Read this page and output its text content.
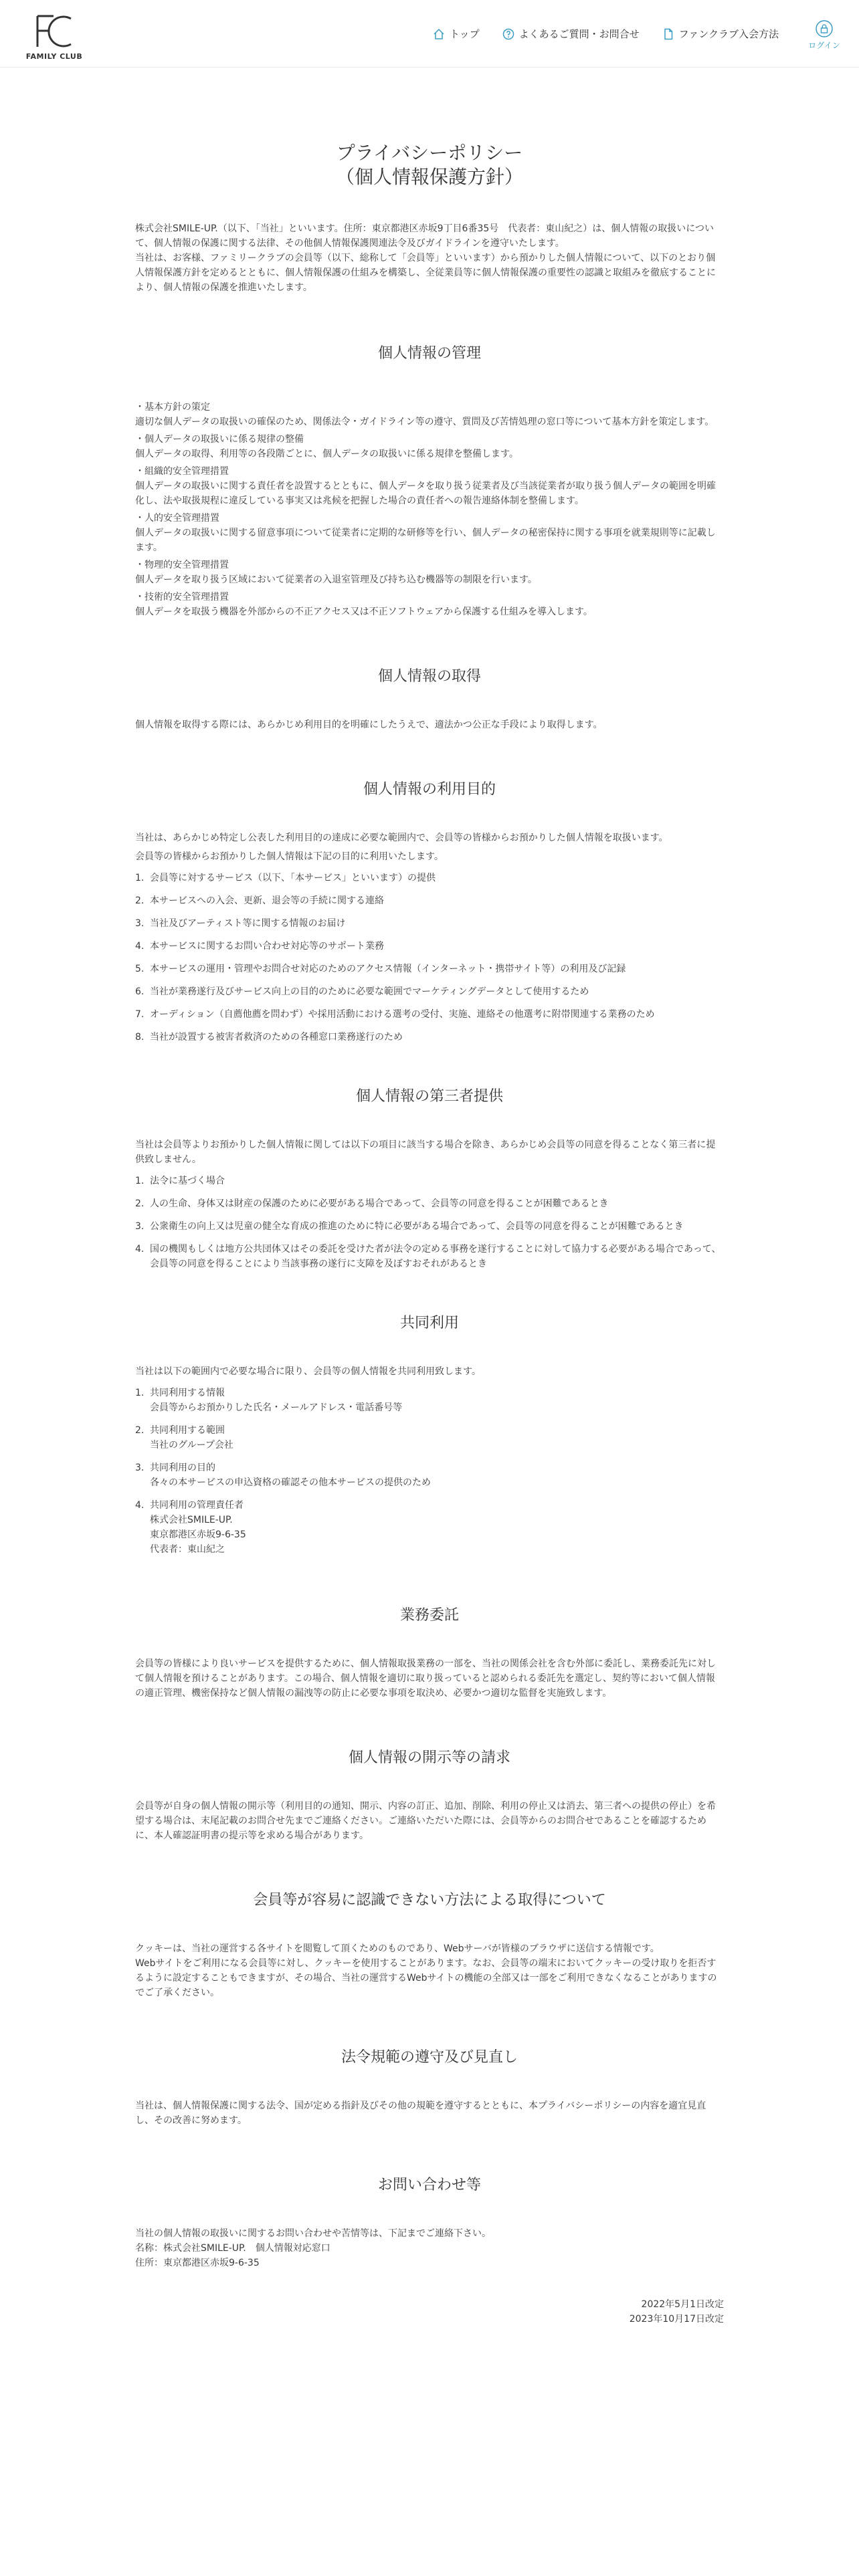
FAMILY CLUB
トップ	よくあるご質問・お問合せ	ファンクラブ入会方法
ログイン
プライバシーポリシー
（個人情報保護方針）

株式会社SMILE-UP.（以下、「当社」といいます。住所：東京都港区赤坂9丁目6番35号　代表者：東山紀之）は、個人情報の取扱いについて、個人情報の保護に関する法律、その他個人情報保護関連法令及びガイドラインを遵守いたします。

当社は、お客様、ファミリークラブの会員等（以下、総称して「会員等」といいます）から預かりした個人情報について、以下のとおり個人情報保護方針を定めるとともに、個人情報保護の仕組みを構築し、全従業員等に個人情報保護の重要性の認識と取組みを徹底することにより、個人情報の保護を推進いたします。

個人情報の管理

・基本方針の策定

適切な個人データの取扱いの確保のため、関係法令・ガイドライン等の遵守、質問及び苦情処理の窓口等について基本方針を策定します。

・個人データの取扱いに係る規律の整備

個人データの取得、利用等の各段階ごとに、個人データの取扱いに係る規律を整備します。

・組織的安全管理措置

個人データの取扱いに関する責任者を設置するとともに、個人データを取り扱う従業者及び当該従業者が取り扱う個人データの範囲を明確化し、法や取扱規程に違反している事実又は兆候を把握した場合の責任者への報告連絡体制を整備します。

・人的安全管理措置

個人データの取扱いに関する留意事項について従業者に定期的な研修等を行い、個人データの秘密保持に関する事項を就業規則等に記載します。

・物理的安全管理措置

個人データを取り扱う区域において従業者の入退室管理及び持ち込む機器等の制限を行います。

・技術的安全管理措置

個人データを取扱う機器を外部からの不正アクセス又は不正ソフトウェアから保護する仕組みを導入します。

個人情報の取得

個人情報を取得する際には、あらかじめ利用目的を明確にしたうえで、適法かつ公正な手段により取得します。

個人情報の利用目的

当社は、あらかじめ特定し公表した利用目的の達成に必要な範囲内で、会員等の皆様からお預かりした個人情報を取扱います。

会員等の皆様からお預かりした個人情報は下記の目的に利用いたします。

1. 会員等に対するサービス（以下、「本サービス」といいます）の提供
2. 本サービスへの入会、更新、退会等の手続に関する連絡
3. 当社及びアーティスト等に関する情報のお届け
4. 本サービスに関するお問い合わせ対応等のサポート業務
5. 本サービスの運用・管理やお問合せ対応のためのアクセス情報（インターネット・携帯サイト等）の利用及び記録
6. 当社が業務遂行及びサービス向上の目的のために必要な範囲でマーケティングデータとして使用するため
7. オーディション（自薦他薦を問わず）や採用活動における選考の受付、実施、連絡その他選考に附帯関連する業務のため
8. 当社が設置する被害者救済のための各種窓口業務遂行のため
個人情報の第三者提供

当社は会員等よりお預かりした個人情報に関しては以下の項目に該当する場合を除き、あらかじめ会員等の同意を得ることなく第三者に提供致しません。

1. 法令に基づく場合
2. 人の生命、身体又は財産の保護のために必要がある場合であって、会員等の同意を得ることが困難であるとき
3. 公衆衛生の向上又は児童の健全な育成の推進のために特に必要がある場合であって、会員等の同意を得ることが困難であるとき
4. 国の機関もしくは地方公共団体又はその委託を受けた者が法令の定める事務を遂行することに対して協力する必要がある場合であって、会員等の同意を得ることにより当該事務の遂行に支障を及ぼすおそれがあるとき
共同利用

当社は以下の範囲内で必要な場合に限り、会員等の個人情報を共同利用致します。

1. 共同利用する情報
会員等からお預かりした氏名・メールアドレス・電話番号等
2. 共同利用する範囲
当社のグループ会社
3. 共同利用の目的
各々の本サービスの申込資格の確認その他本サービスの提供のため
4. 共同利用の管理責任者
株式会社SMILE-UP.
東京都港区赤坂9-6-35
代表者：東山紀之
業務委託

会員等の皆様により良いサービスを提供するために、個人情報取扱業務の一部を、当社の関係会社を含む外部に委託し、業務委託先に対して個人情報を預けることがあります。この場合、個人情報を適切に取り扱っていると認められる委託先を選定し、契約等において個人情報の適正管理、機密保持など個人情報の漏洩等の防止に必要な事項を取決め、必要かつ適切な監督を実施致します。

個人情報の開示等の請求

会員等が自身の個人情報の開示等（利用目的の通知、開示、内容の訂正、追加、削除、利用の停止又は消去、第三者への提供の停止）を希望する場合は、末尾記載のお問合せ先までご連絡ください。ご連絡いただいた際には、会員等からのお問合せであることを確認するために、本人確認証明書の提示等を求める場合があります。

会員等が容易に認識できない方法による取得について

クッキーは、当社の運営する各サイトを閲覧して頂くためのものであり、Webサーバが皆様のブラウザに送信する情報です。

Webサイトをご利用になる会員等に対し、クッキーを使用することがあります。なお、会員等の端末においてクッキーの受け取りを拒否するように設定することもできますが、その場合、当社の運営するWebサイトの機能の全部又は一部をご利用できなくなることがありますのでご了承ください。

法令規範の遵守及び見直し

当社は、個人情報保護に関する法令、国が定める指針及びその他の規範を遵守するとともに、本プライバシーポリシーの内容を適宜見直し、その改善に努めます。

お問い合わせ等

当社の個人情報の取扱いに関するお問い合わせや苦情等は、下記までご連絡下さい。

名称：株式会社SMILE-UP.　個人情報対応窓口

住所：東京都港区赤坂9-6-35

2022年5月1日改定
2023年10月17日改定
